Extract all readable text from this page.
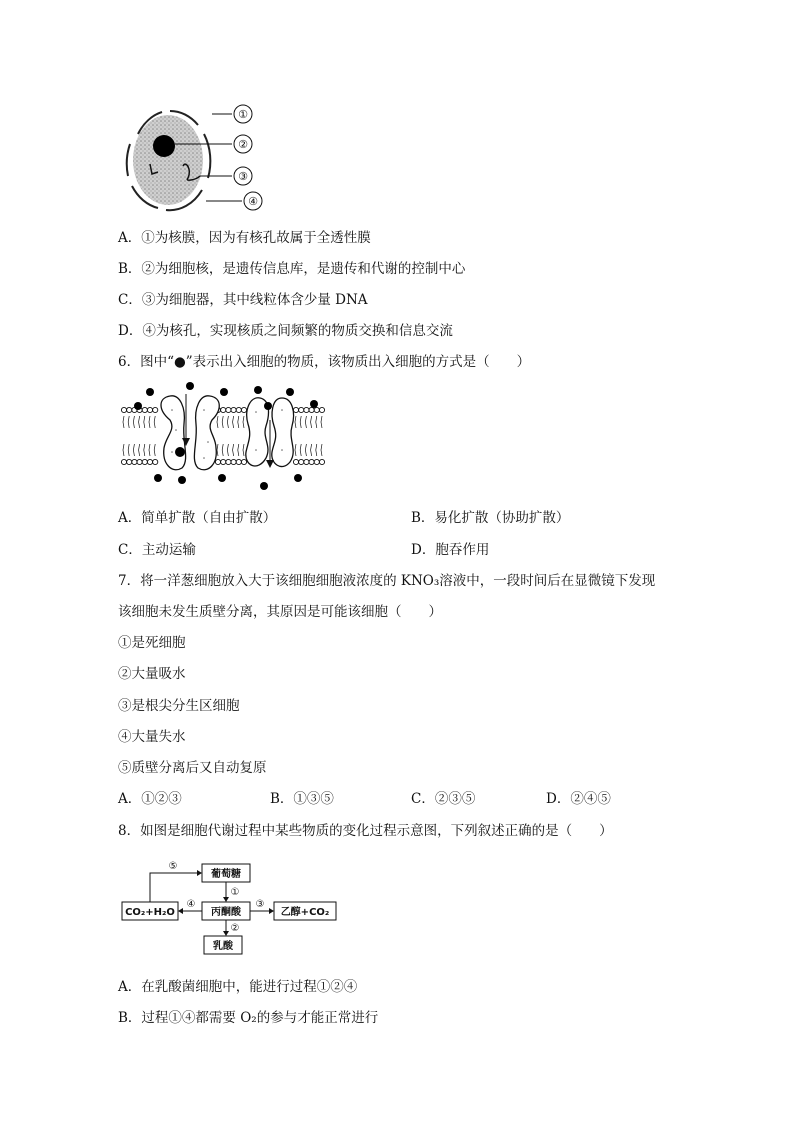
①
②
③
④
A．①为核膜，因为有核孔故属于全透性膜
B．②为细胞核，是遗传信息库，是遗传和代谢的控制中心
C．③为细胞器，其中线粒体含少量 DNA
D．④为核孔，实现核质之间频繁的物质交换和信息交流
6．图中“●”表示出入细胞的物质，该物质出入细胞的方式是（　　）
A．简单扩散（自由扩散）	B．易化扩散（协助扩散）
C．主动运输	D．胞吞作用
7．将一洋葱细胞放入大于该细胞细胞液浓度的 KNO₃溶液中，一段时间后在显微镜下发现
该细胞未发生质壁分离，其原因是可能该细胞（　　）
①是死细胞
②大量吸水
③是根尖分生区细胞
④大量失水
⑤质壁分离后又自动复原
A．①②③	B．①③⑤	C．②③⑤	D．②④⑤
8．如图是细胞代谢过程中某些物质的变化过程示意图，下列叙述正确的是（　　）
葡萄糖
CO₂+H₂O	丙酮酸	乙醇+CO₂
乳酸
⑤
①
②
③
④
A．在乳酸菌细胞中，能进行过程①②④
B．过程①④都需要 O₂的参与才能正常进行
